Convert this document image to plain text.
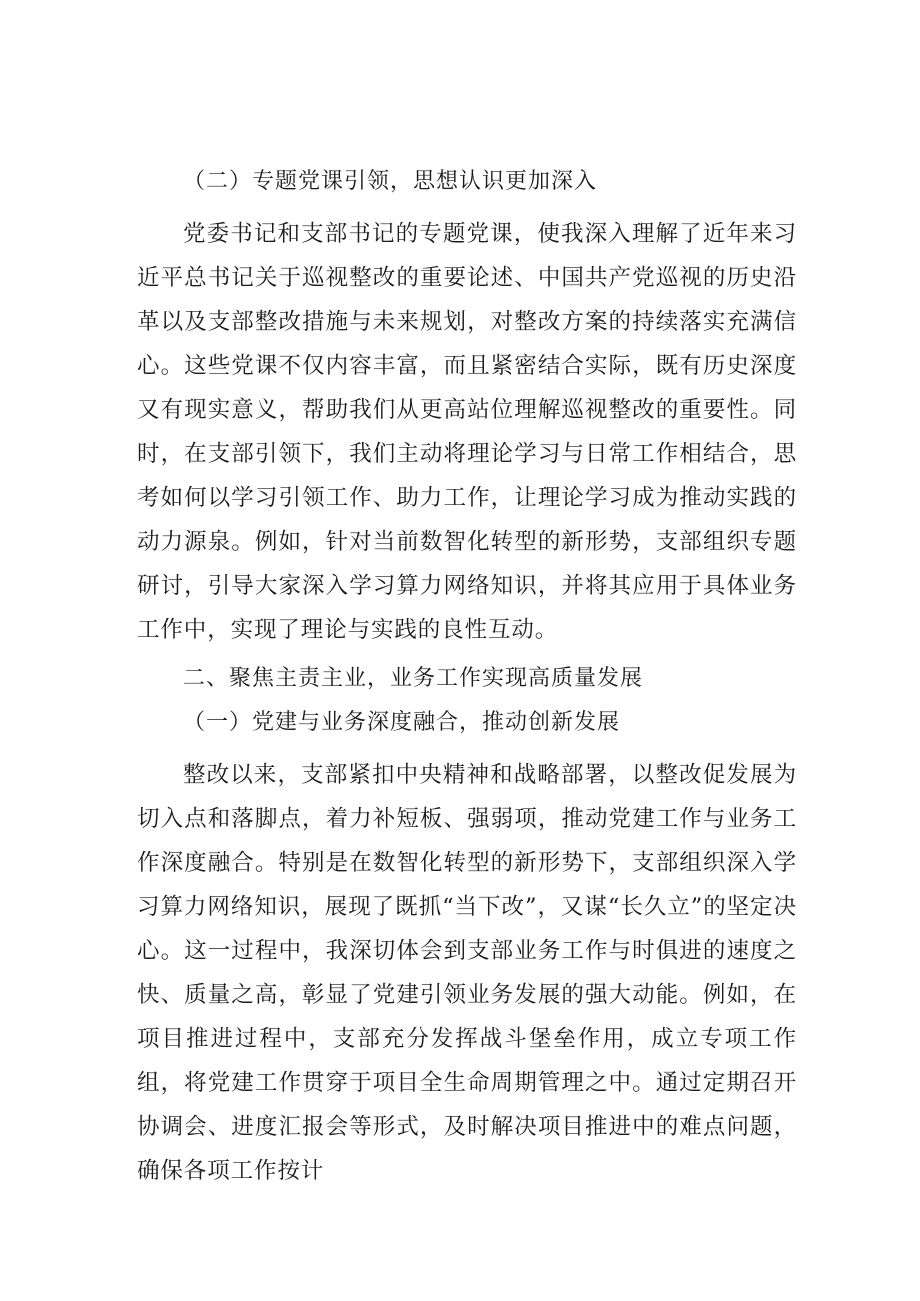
（二）专题党课引领，思想认识更加深入

党委书记和支部书记的专题党课，使我深入理解了近年来习近平总书记关于巡视整改的重要论述、中国共产党巡视的历史沿革以及支部整改措施与未来规划，对整改方案的持续落实充满信心。这些党课不仅内容丰富，而且紧密结合实际，既有历史深度又有现实意义，帮助我们从更高站位理解巡视整改的重要性。同时，在支部引领下，我们主动将理论学习与日常工作相结合，思考如何以学习引领工作、助力工作，让理论学习成为推动实践的动力源泉。例如，针对当前数智化转型的新形势，支部组织专题研讨，引导大家深入学习算力网络知识，并将其应用于具体业务工作中，实现了理论与实践的良性互动。

二、聚焦主责主业，业务工作实现高质量发展

（一）党建与业务深度融合，推动创新发展

整改以来，支部紧扣中央精神和战略部署，以整改促发展为切入点和落脚点，着力补短板、强弱项，推动党建工作与业务工作深度融合。特别是在数智化转型的新形势下，支部组织深入学习算力网络知识，展现了既抓“当下改”，又谋“长久立”的坚定决心。这一过程中，我深切体会到支部业务工作与时俱进的速度之快、质量之高，彰显了党建引领业务发展的强大动能。例如，在项目推进过程中，支部充分发挥战斗堡垒作用，成立专项工作组，将党建工作贯穿于项目全生命周期管理之中。通过定期召开协调会、进度汇报会等形式，及时解决项目推进中的难点问题，确保各项工作按计
